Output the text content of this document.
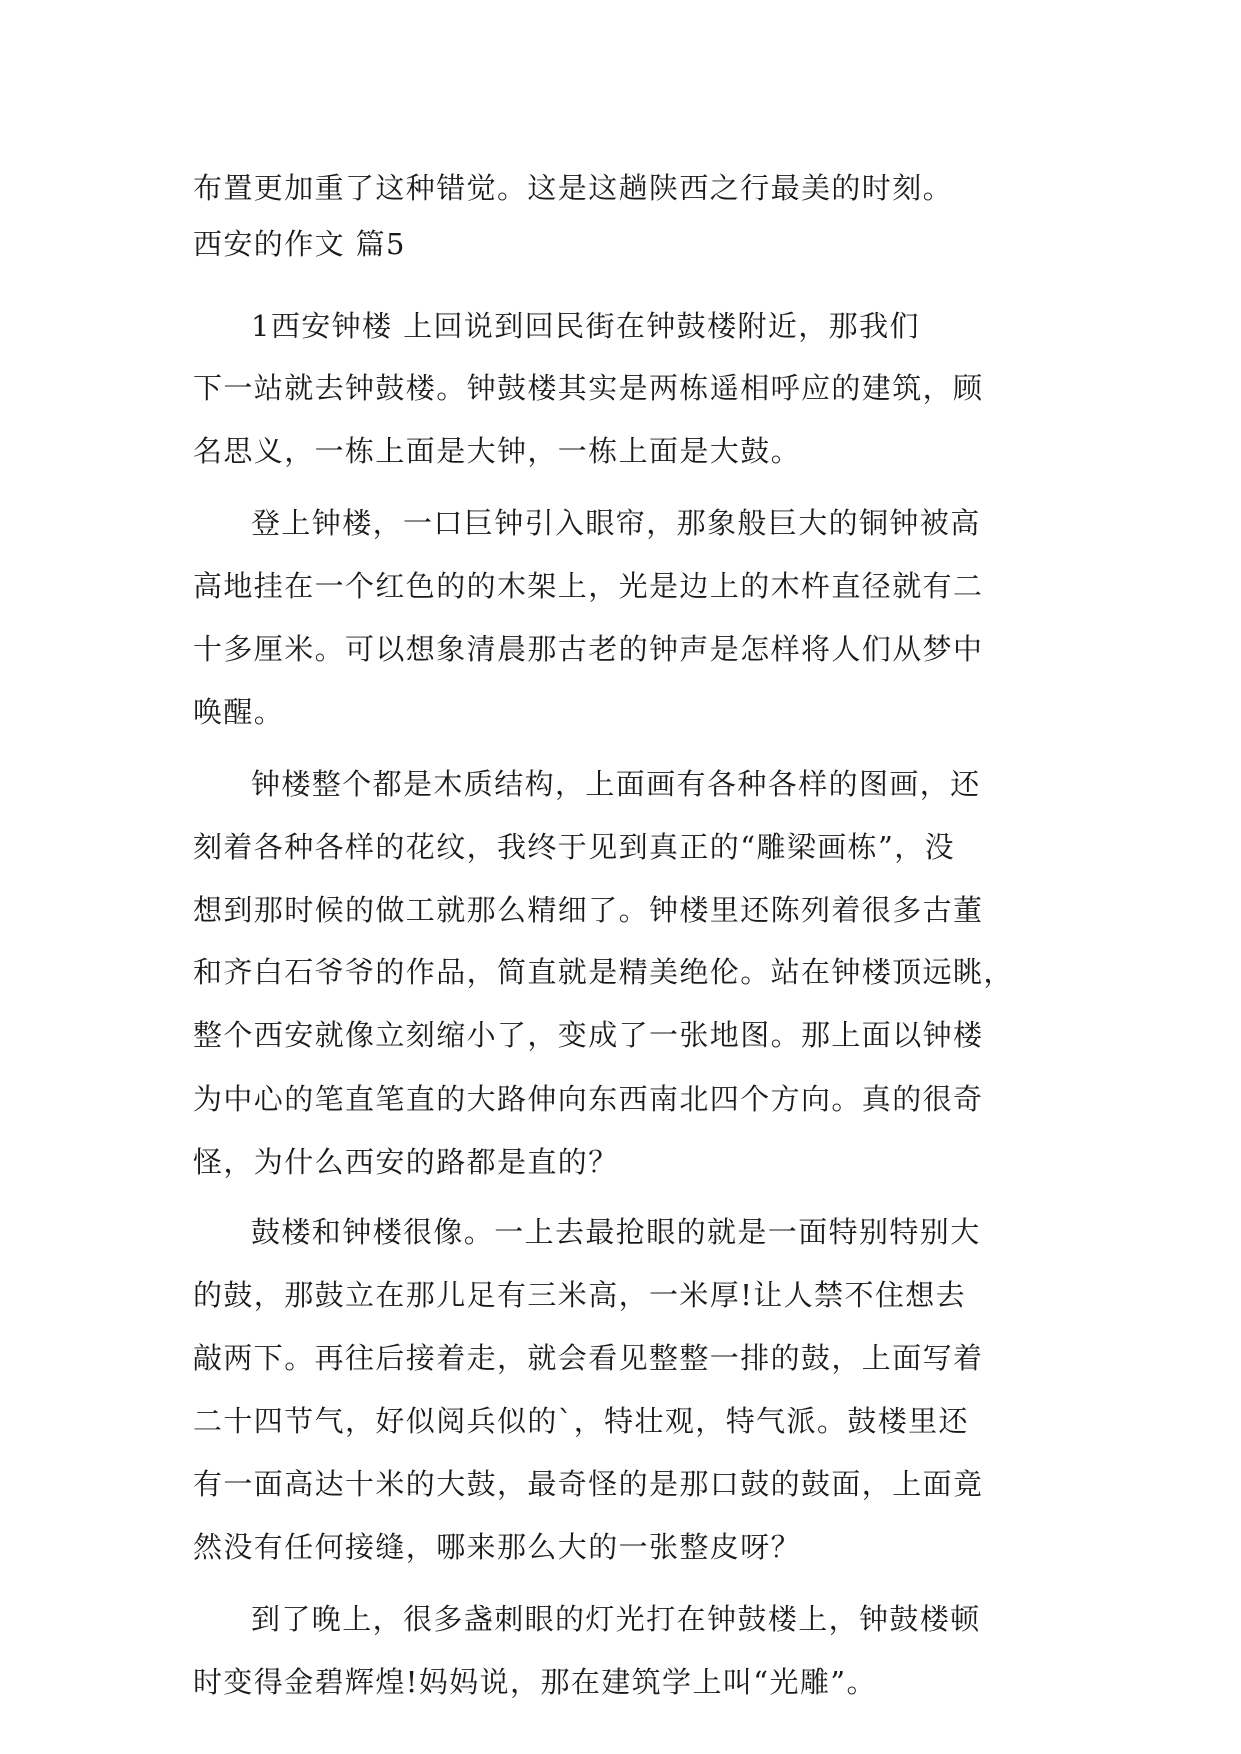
布置更加重了这种错觉。这是这趟陕西之行最美的时刻。
西安的作文 篇5
1西安钟楼 上回说到回民街在钟鼓楼附近，那我们
下一站就去钟鼓楼。钟鼓楼其实是两栋遥相呼应的建筑，顾
名思义，一栋上面是大钟，一栋上面是大鼓。
登上钟楼，一口巨钟引入眼帘，那象般巨大的铜钟被高
高地挂在一个红色的的木架上，光是边上的木杵直径就有二
十多厘米。可以想象清晨那古老的钟声是怎样将人们从梦中
唤醒。
钟楼整个都是木质结构，上面画有各种各样的图画，还
刻着各种各样的花纹，我终于见到真正的“雕梁画栋”，没
想到那时候的做工就那么精细了。钟楼里还陈列着很多古董
和齐白石爷爷的作品，简直就是精美绝伦。站在钟楼顶远眺，
整个西安就像立刻缩小了，变成了一张地图。那上面以钟楼
为中心的笔直笔直的大路伸向东西南北四个方向。真的很奇
怪，为什么西安的路都是直的？
鼓楼和钟楼很像。一上去最抢眼的就是一面特别特别大
的鼓，那鼓立在那儿足有三米高，一米厚!让人禁不住想去
敲两下。再往后接着走，就会看见整整一排的鼓，上面写着
二十四节气，好似阅兵似的`，特壮观，特气派。鼓楼里还
有一面高达十米的大鼓，最奇怪的是那口鼓的鼓面，上面竟
然没有任何接缝，哪来那么大的一张整皮呀？
到了晚上，很多盏刺眼的灯光打在钟鼓楼上，钟鼓楼顿
时变得金碧辉煌!妈妈说，那在建筑学上叫“光雕”。
